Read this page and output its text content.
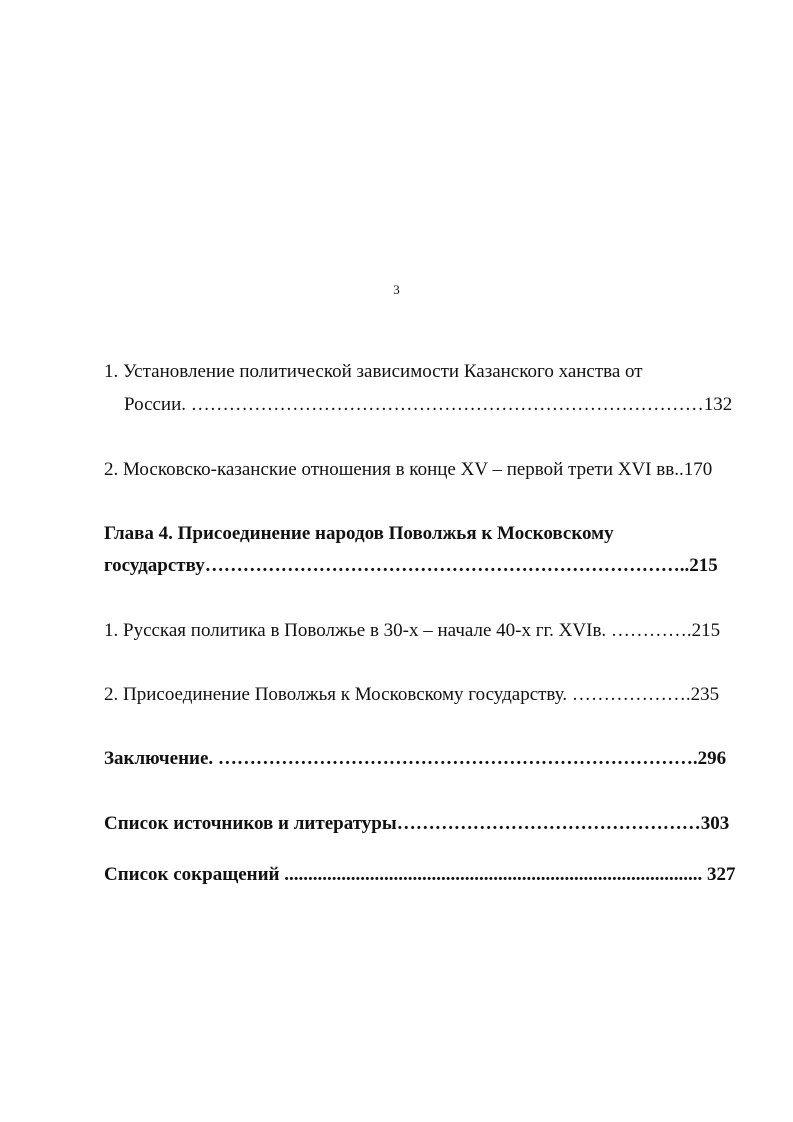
3
1. Установление политической зависимости Казанского ханства от
России. ………………………………………………………………………132
2. Московско-казанские отношения в конце XV – первой трети XVI вв..170
Глава 4. Присоединение народов Поволжья к Московскому
государству…………………………………………………………………..215
1. Русская политика в Поволжье в 30-х – начале 40-х гг. XVIв. ………….215
2. Присоединение Поволжья к Московскому государству. ……………….235
Заключение. ………………………………………………………………….296
Список источников и литературы…………………………………………303
Список сокращений ........................................................................................ 327
